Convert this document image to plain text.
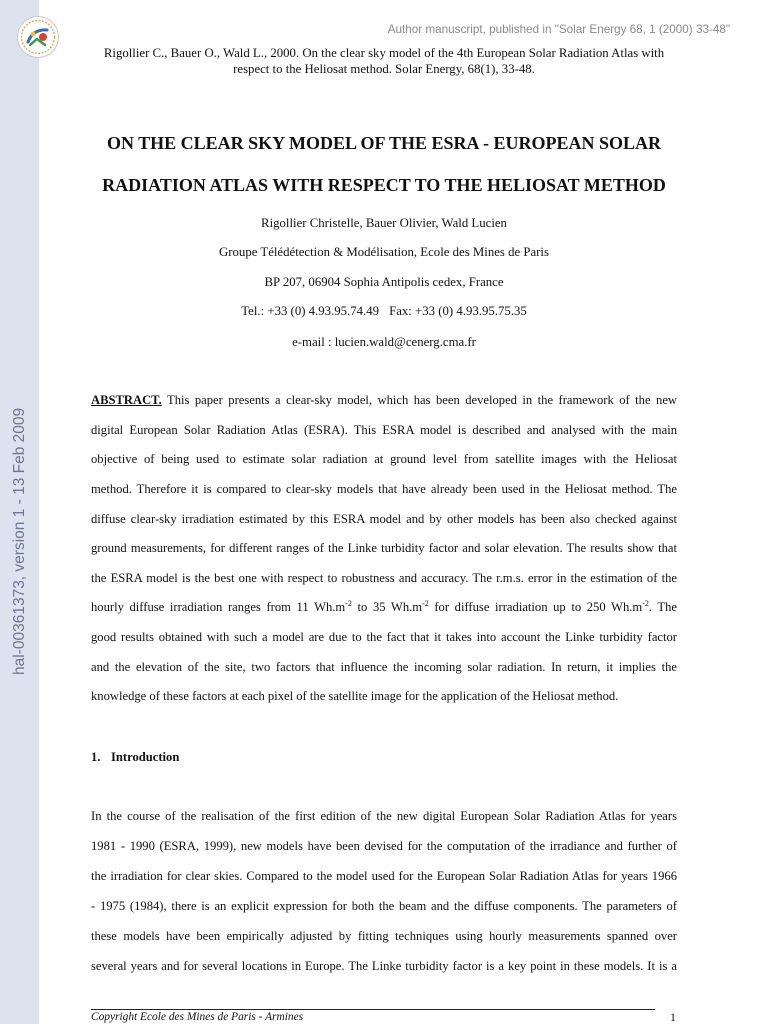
hal-00361373, version 1 - 13 Feb 2009
Author manuscript, published in "Solar Energy 68, 1 (2000) 33-48"
Rigollier C., Bauer O., Wald L., 2000. On the clear sky model of the 4th European Solar Radiation Atlas with
respect to the Heliosat method. Solar Energy, 68(1), 33-48.
ON THE CLEAR SKY MODEL OF THE ESRA - EUROPEAN SOLAR
RADIATION ATLAS WITH RESPECT TO THE HELIOSAT METHOD
Rigollier Christelle, Bauer Olivier, Wald Lucien
Groupe Télédétection & Modélisation, Ecole des Mines de Paris
BP 207, 06904 Sophia Antipolis cedex, France
Tel.: +33 (0) 4.93.95.74.49 Fax: +33 (0) 4.93.95.75.35
e-mail : lucien.wald@cenerg.cma.fr
ABSTRACT. This paper presents a clear-sky model, which has been developed in the framework of the new
digital European Solar Radiation Atlas (ESRA). This ESRA model is described and analysed with the main
objective of being used to estimate solar radiation at ground level from satellite images with the Heliosat
method. Therefore it is compared to clear-sky models that have already been used in the Heliosat method. The
diffuse clear-sky irradiation estimated by this ESRA model and by other models has been also checked against
ground measurements, for different ranges of the Linke turbidity factor and solar elevation. The results show that
the ESRA model is the best one with respect to robustness and accuracy. The r.m.s. error in the estimation of the
hourly diffuse irradiation ranges from 11 $Wh.m^{-2}$ to 35 $Wh.m^{-2}$ for diffuse irradiation up to 250 $Wh.m^{-2}$. The
good results obtained with such a model are due to the fact that it takes into account the Linke turbidity factor
and the elevation of the site, two factors that influence the incoming solar radiation. In return, it implies the
knowledge of these factors at each pixel of the satellite image for the application of the Heliosat method.
1. Introduction
In the course of the realisation of the first edition of the new digital European Solar Radiation Atlas for years
1981 - 1990 (ESRA, 1999), new models have been devised for the computation of the irradiance and further of
the irradiation for clear skies. Compared to the model used for the European Solar Radiation Atlas for years 1966
- 1975 (1984), there is an explicit expression for both the beam and the diffuse components. The parameters of
these models have been empirically adjusted by fitting techniques using hourly measurements spanned over
several years and for several locations in Europe. The Linke turbidity factor is a key point in these models. It is a
Copyright Ecole des Mines de Paris - Armines	1
